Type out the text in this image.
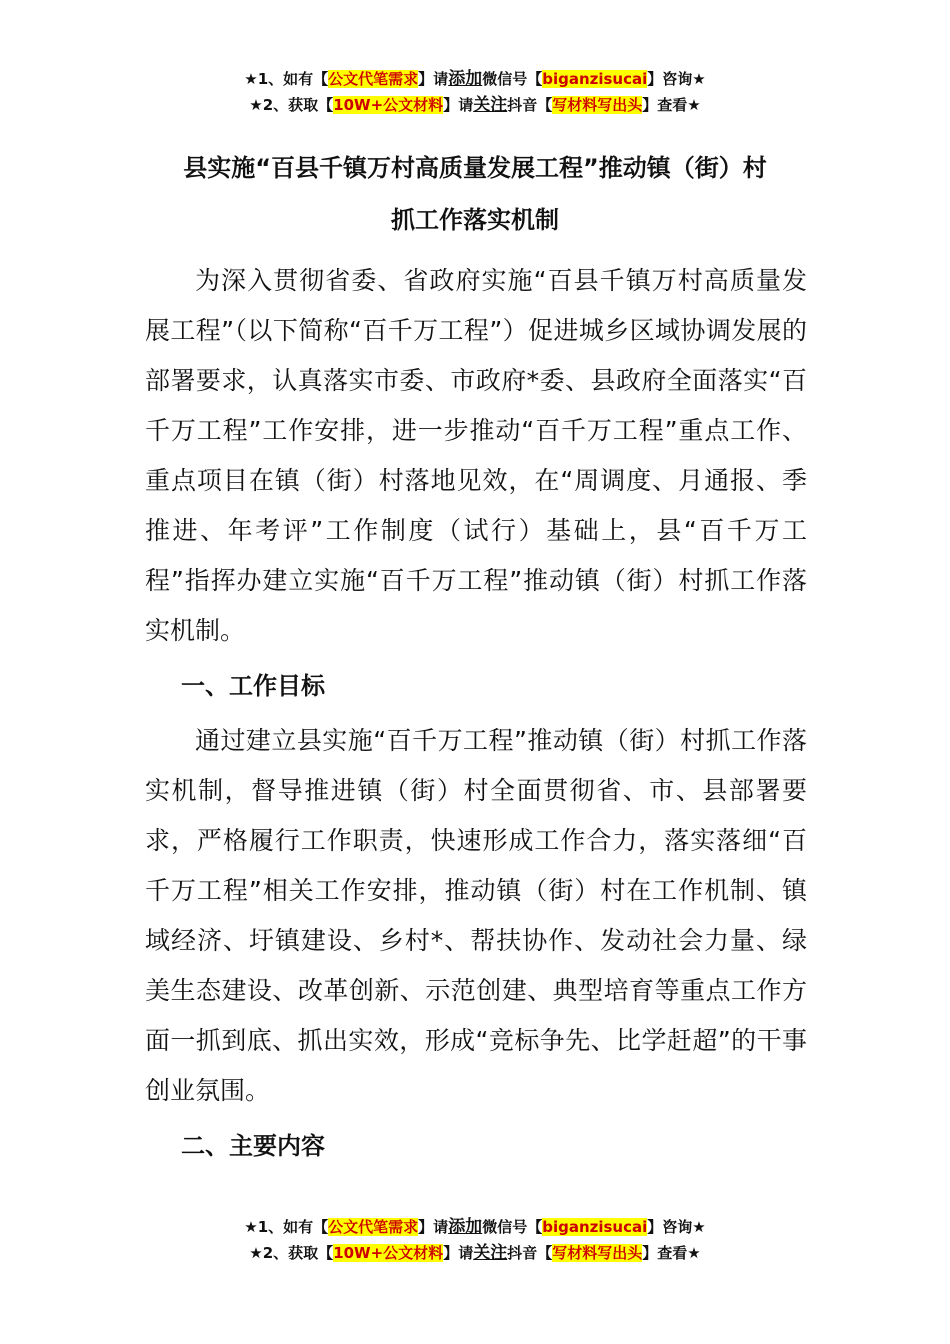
★1、如有【公文代笔需求】请添加微信号【biganzisucai】咨询★
★2、获取【10W+公文材料】请关注抖音【写材料写出头】查看★
县实施“百县千镇万村高质量发展工程”推动镇（街）村
抓工作落实机制

为深入贯彻省委、省政府实施“百县千镇万村高质量发展工程”（以下简称“百千万工程”）促进城乡区域协调发展的部署要求，认真落实市委、市政府*委、县政府全面落实“百千万工程”工作安排，进一步推动“百千万工程”重点工作、重点项目在镇（街）村落地见效，在“周调度、月通报、季推进、年考评”工作制度（试行）基础上，县“百千万工程”指挥办建立实施“百千万工程”推动镇（街）村抓工作落实机制。

一、工作目标

通过建立县实施“百千万工程”推动镇（街）村抓工作落实机制，督导推进镇（街）村全面贯彻省、市、县部署要求，严格履行工作职责，快速形成工作合力，落实落细“百千万工程”相关工作安排，推动镇（街）村在工作机制、镇域经济、圩镇建设、乡村*、帮扶协作、发动社会力量、绿美生态建设、改革创新、示范创建、典型培育等重点工作方面一抓到底、抓出实效，形成“竞标争先、比学赶超”的干事创业氛围。

二、主要内容

★1、如有【公文代笔需求】请添加微信号【biganzisucai】咨询★
★2、获取【10W+公文材料】请关注抖音【写材料写出头】查看★
